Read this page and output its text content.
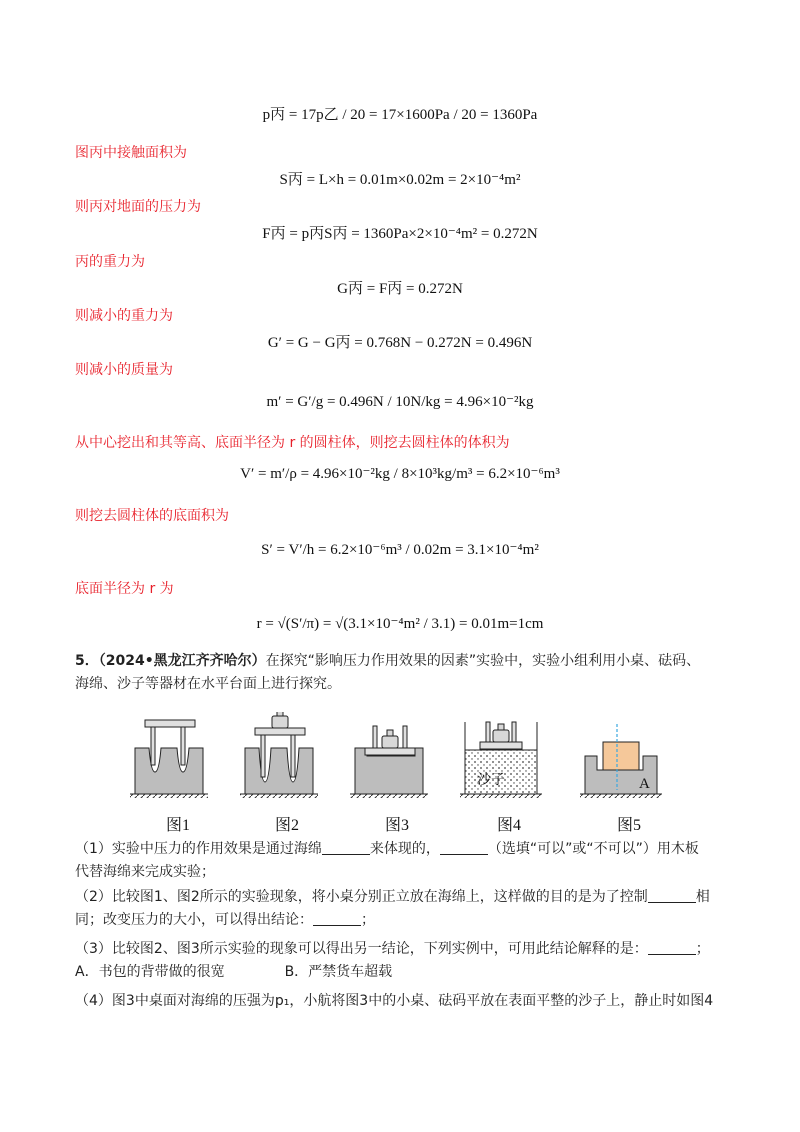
p丙 = 17p乙 / 20 = 17×1600Pa / 20 = 1360Pa
图丙中接触面积为
S丙 = L×h = 0.01m×0.02m = 2×10⁻⁴m²
则丙对地面的压力为
F丙 = p丙S丙 = 1360Pa×2×10⁻⁴m² = 0.272N
丙的重力为
G丙 = F丙 = 0.272N
则减小的重力为
G′ = G − G丙 = 0.768N − 0.272N = 0.496N
则减小的质量为
m′ = G′/g = 0.496N / 10N/kg = 4.96×10⁻²kg
从中心挖出和其等高、底面半径为 r 的圆柱体，则挖去圆柱体的体积为
V′ = m′/ρ = 4.96×10⁻²kg / 8×10³kg/m³ = 6.2×10⁻⁶m³
则挖去圆柱体的底面积为
S′ = V′/h = 6.2×10⁻⁶m³ / 0.02m = 3.1×10⁻⁴m²
底面半径为 r 为
r = √(S′/π) = √(3.1×10⁻⁴m² / 3.1) = 0.01m=1cm
5．（2024•黑龙江齐齐哈尔）在探究“影响压力作用效果的因素”实验中，实验小组利用小桌、砝码、
海绵、沙子等器材在水平台面上进行探究。
沙子	A
图1	图2	图3	图4	图5
（1）实验中压力的作用效果是通过海绵	来体现的，	（选填“可以”或“不可以”）用木板
代替海绵来完成实验；
（2）比较图1、图2所示的实验现象，将小桌分别正立放在海绵上，这样做的目的是为了控制	相
同；改变压力的大小，可以得出结论：	；
（3）比较图2、图3所示实验的现象可以得出另一结论，下列实例中，可用此结论解释的是：	；
A．书包的背带做的很宽	B．严禁货车超载
（4）图3中桌面对海绵的压强为p₁，小航将图3中的小桌、砝码平放在表面平整的沙子上，静止时如图4
